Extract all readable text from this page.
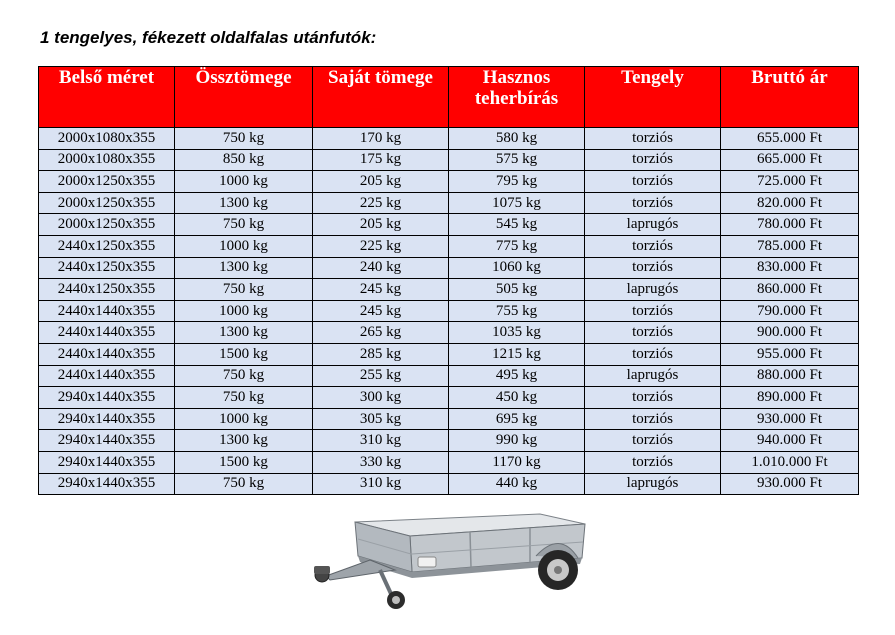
1 tengelyes, fékezett oldalfalas utánfutók:
Belső méret	Össztömege	Saját tömege	Hasznos teherbírás	Tengely	Bruttó ár
2000x1080x355	750 kg	170 kg	580 kg	torziós	655.000 Ft
2000x1080x355	850 kg	175 kg	575 kg	torziós	665.000 Ft
2000x1250x355	1000 kg	205 kg	795 kg	torziós	725.000 Ft
2000x1250x355	1300 kg	225 kg	1075 kg	torziós	820.000 Ft
2000x1250x355	750 kg	205 kg	545 kg	laprugós	780.000 Ft
2440x1250x355	1000 kg	225 kg	775 kg	torziós	785.000 Ft
2440x1250x355	1300 kg	240 kg	1060 kg	torziós	830.000 Ft
2440x1250x355	750 kg	245 kg	505 kg	laprugós	860.000 Ft
2440x1440x355	1000 kg	245 kg	755 kg	torziós	790.000 Ft
2440x1440x355	1300 kg	265 kg	1035 kg	torziós	900.000 Ft
2440x1440x355	1500 kg	285 kg	1215 kg	torziós	955.000 Ft
2440x1440x355	750 kg	255 kg	495 kg	laprugós	880.000 Ft
2940x1440x355	750 kg	300 kg	450 kg	torziós	890.000 Ft
2940x1440x355	1000 kg	305 kg	695 kg	torziós	930.000 Ft
2940x1440x355	1300 kg	310 kg	990 kg	torziós	940.000 Ft
2940x1440x355	1500 kg	330 kg	1170 kg	torziós	1.010.000 Ft
2940x1440x355	750 kg	310 kg	440 kg	laprugós	930.000 Ft
